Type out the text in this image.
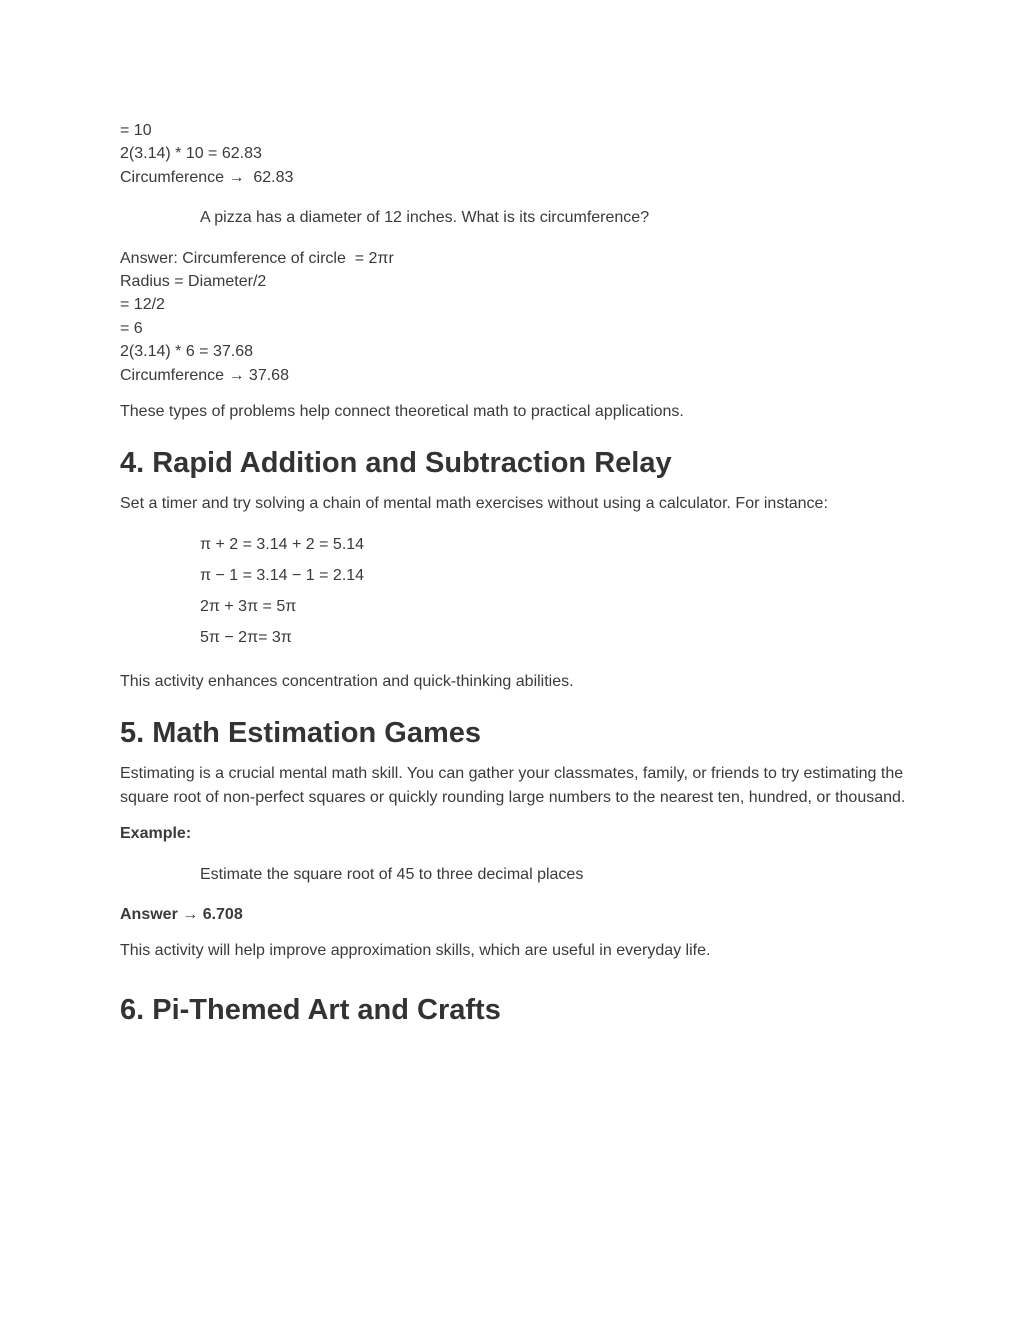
= 10

2(3.14) * 10 = 62.83

Circumference →  62.83

A pizza has a diameter of 12 inches. What is its circumference?

Answer: Circumference of circle  = 2πr

Radius = Diameter/2

= 12/2

= 6

2(3.14) * 6 = 37.68

Circumference → 37.68

These types of problems help connect theoretical math to practical applications.

4. Rapid Addition and Subtraction Relay

Set a timer and try solving a chain of mental math exercises without using a calculator. For instance:

π + 2 = 3.14 + 2 = 5.14

π − 1 = 3.14 − 1 = 2.14

2π + 3π = 5π

5π − 2π= 3π

This activity enhances concentration and quick-thinking abilities.

5. Math Estimation Games

Estimating is a crucial mental math skill. You can gather your classmates, family, or friends to try estimating the square root of non-perfect squares or quickly rounding large numbers to the nearest ten, hundred, or thousand.

Example:

Estimate the square root of 45 to three decimal places

Answer → 6.708

This activity will help improve approximation skills, which are useful in everyday life.

6. Pi-Themed Art and Crafts
